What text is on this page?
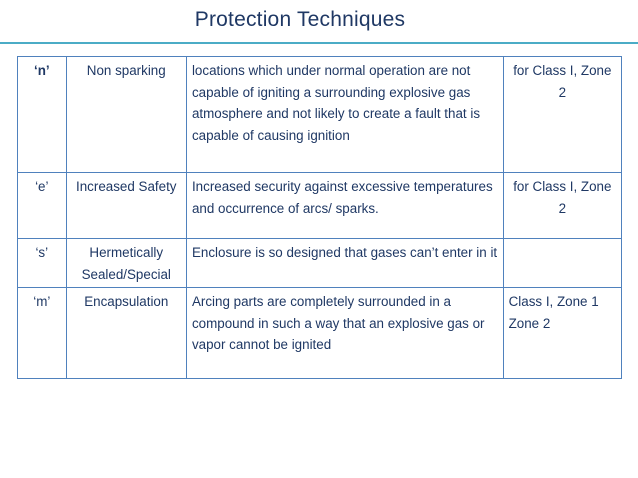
Protection Techniques
‘n’	Non sparking	locations which under normal operation are not capable of igniting a surrounding explosive gas atmosphere and not likely to create a fault that is capable of causing ignition	for Class I, Zone 2
‘e’	Increased Safety	Increased security against excessive temperatures and occurrence of arcs/ sparks.	for Class I, Zone 2
‘s’	Hermetically Sealed/Special	Enclosure is so designed that gases can’t enter in it	
‘m’	Encapsulation	Arcing parts are completely surrounded in a compound in such a way that an explosive gas or vapor cannot be ignited	Class I, Zone 1 Zone 2
